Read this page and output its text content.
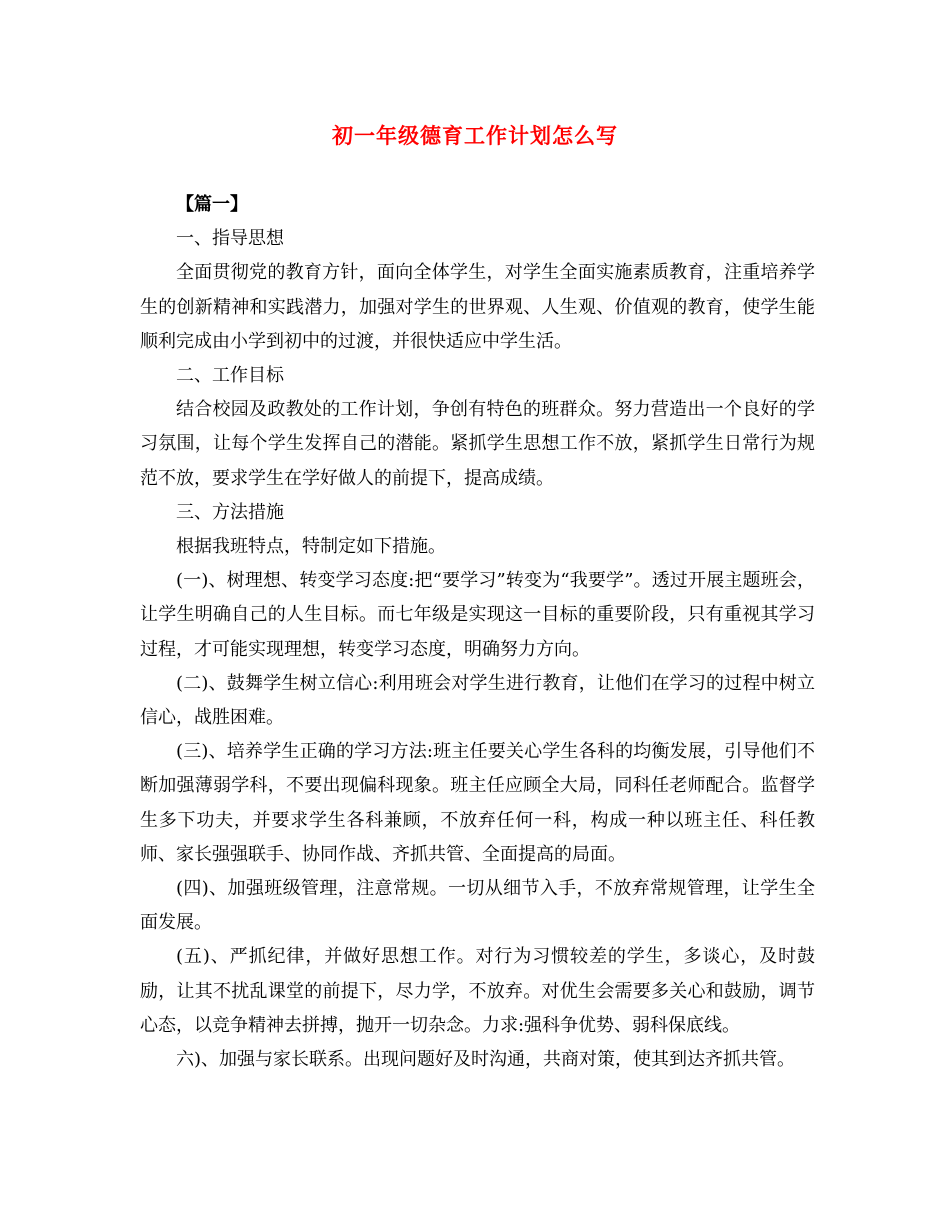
初一年级德育工作计划怎么写

【篇一】

一、指导思想

全面贯彻党的教育方针，面向全体学生，对学生全面实施素质教育，注重培养学生的创新精神和实践潜力，加强对学生的世界观、人生观、价值观的教育，使学生能顺利完成由小学到初中的过渡，并很快适应中学生活。

二、工作目标

结合校园及政教处的工作计划，争创有特色的班群众。努力营造出一个良好的学习氛围，让每个学生发挥自己的潜能。紧抓学生思想工作不放，紧抓学生日常行为规范不放，要求学生在学好做人的前提下，提高成绩。

三、方法措施

根据我班特点，特制定如下措施。

(一)、树理想、转变学习态度:把“要学习”转变为“我要学”。透过开展主题班会，让学生明确自己的人生目标。而七年级是实现这一目标的重要阶段，只有重视其学习过程，才可能实现理想，转变学习态度，明确努力方向。

(二)、鼓舞学生树立信心:利用班会对学生进行教育，让他们在学习的过程中树立信心，战胜困难。

(三)、培养学生正确的学习方法:班主任要关心学生各科的均衡发展，引导他们不断加强薄弱学科，不要出现偏科现象。班主任应顾全大局，同科任老师配合。监督学生多下功夫，并要求学生各科兼顾，不放弃任何一科，构成一种以班主任、科任教师、家长强强联手、协同作战、齐抓共管、全面提高的局面。

(四)、加强班级管理，注意常规。一切从细节入手，不放弃常规管理，让学生全面发展。

(五)、严抓纪律，并做好思想工作。对行为习惯较差的学生，多谈心，及时鼓励，让其不扰乱课堂的前提下，尽力学，不放弃。对优生会需要多关心和鼓励，调节心态，以竞争精神去拼搏，抛开一切杂念。力求:强科争优势、弱科保底线。

六)、加强与家长联系。出现问题好及时沟通，共商对策，使其到达齐抓共管。
